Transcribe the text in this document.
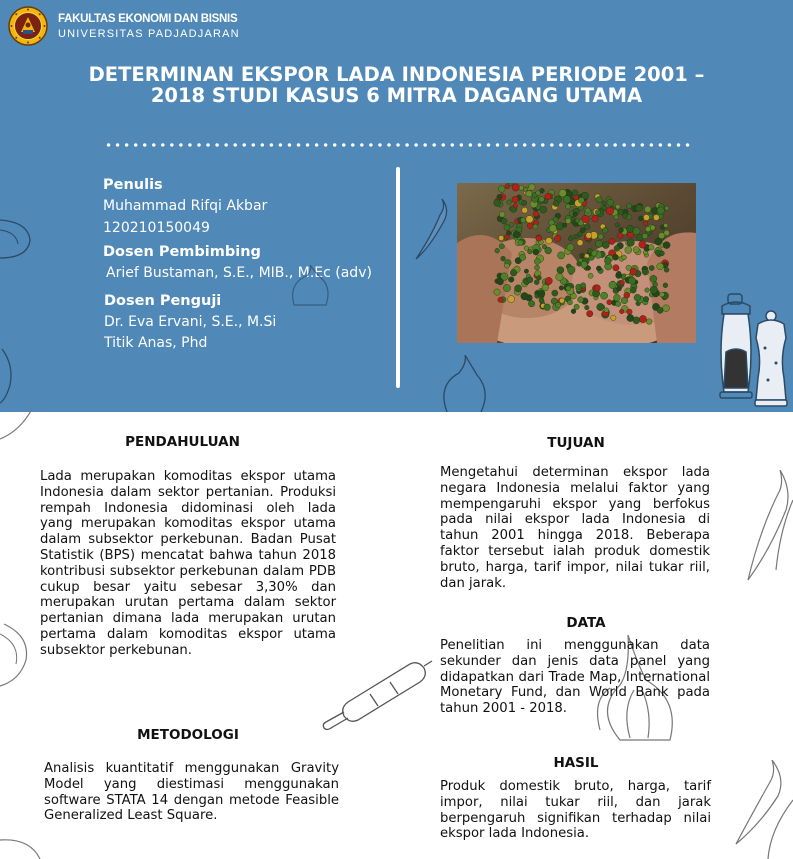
FAKULTAS EKONOMI DAN BISNIS
UNIVERSITAS PADJADJARAN
DETERMINAN EKSPOR LADA INDONESIA PERIODE 2001 – 2018 STUDI KASUS 6 MITRA DAGANG UTAMA
Penulis
Muhammad Rifqi Akbar
120210150049
Dosen Pembimbing
Arief Bustaman, S.E., MIB., M.Ec (adv)
Dosen Penguji
Dr. Eva Ervani, S.E., M.Si
Titik Anas, Phd
PENDAHULUAN

Lada merupakan komoditas ekspor utama Indonesia dalam sektor pertanian. Produksi rempah Indonesia didominasi oleh lada yang merupakan komoditas ekspor utama dalam subsektor perkebunan. Badan Pusat Statistik (BPS) mencatat bahwa tahun 2018 kontribusi subsektor perkebunan dalam PDB cukup besar yaitu sebesar 3,30% dan merupakan urutan pertama dalam sektor pertanian dimana lada merupakan urutan pertama dalam komoditas ekspor utama subsektor perkebunan.

METODOLOGI

Analisis kuantitatif menggunakan Gravity Model yang diestimasi menggunakan software STATA 14 dengan metode Feasible Generalized Least Square.

TUJUAN

Mengetahui determinan ekspor lada negara Indonesia melalui faktor yang mempengaruhi ekspor yang berfokus pada nilai ekspor lada Indonesia di tahun 2001 hingga 2018. Beberapa faktor tersebut ialah produk domestik bruto, harga, tarif impor, nilai tukar riil, dan jarak.

DATA

Penelitian ini menggunakan data sekunder dan jenis data panel yang didapatkan dari Trade Map, International Monetary Fund, dan World Bank pada tahun 2001 - 2018.

HASIL

Produk domestik bruto, harga, tarif impor, nilai tukar riil, dan jarak berpengaruh signifikan terhadap nilai ekspor lada Indonesia.
